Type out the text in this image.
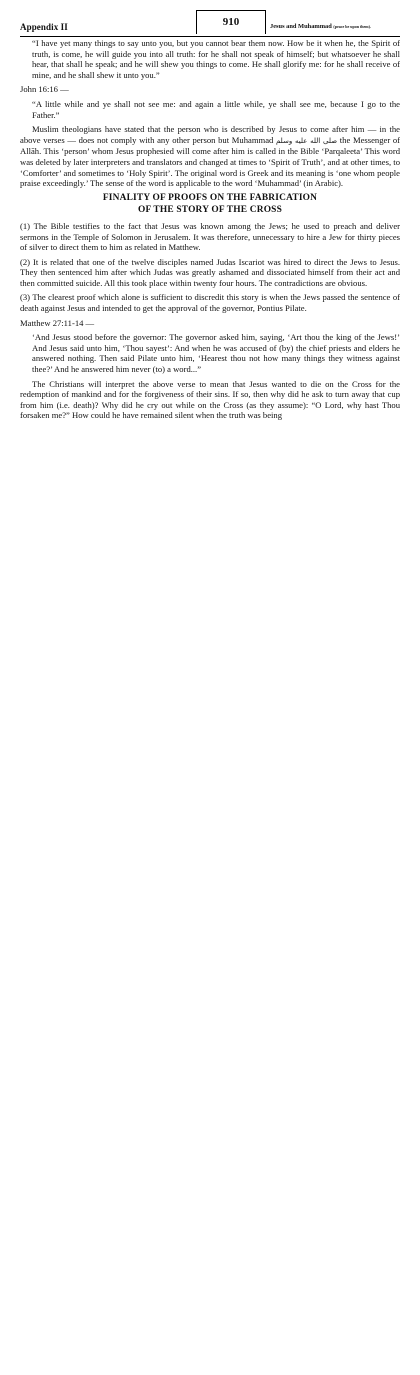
Appendix II	910	Jesus and Muhammad (peace be upon them).

“I have yet many things to say unto you, but you cannot bear them now. How be it when he, the Spirit of truth, is come, he will guide you into all truth: for he shall not speak of himself; but whatsoever he shall hear, that shall he speak; and he will shew you things to come. He shall glorify me: for he shall receive of mine, and he shall shew it unto you.”

John 16:16 —

“A little while and ye shall not see me: and again a little while, ye shall see me, because I go to the Father.”

Muslim theologians have stated that the person who is described by Jesus to come after him — in the above verses — does not comply with any other person but Muhammad صلى الله عليه وسلم the Messenger of Allāh. This ‘person’ whom Jesus prophesied will come after him is called in the Bible ‘Parqaleeta’ This word was deleted by later interpreters and translators and changed at times to ‘Spirit of Truth’, and at other times, to ‘Comforter’ and sometimes to ‘Holy Spirit’. The original word is Greek and its meaning is ‘one whom people praise exceedingly.’ The sense of the word is applicable to the word ‘Muhammad’ (in Arabic).

FINALITY OF PROOFS ON THE FABRICATION

OF THE STORY OF THE CROSS

(1) The Bible testifies to the fact that Jesus was known among the Jews; he used to preach and deliver sermons in the Temple of Solomon in Jerusalem. It was therefore, unnecessary to hire a Jew for thirty pieces of silver to direct them to him as related in Matthew.

(2) It is related that one of the twelve disciples named Judas Iscariot was hired to direct the Jews to Jesus. They then sentenced him after which Judas was greatly ashamed and dissociated himself from their act and then committed suicide. All this took place within twenty four hours. The contradictions are obvious.

(3) The clearest proof which alone is sufficient to discredit this story is when the Jews passed the sentence of death against Jesus and intended to get the approval of the governor, Pontius Pilate.

Matthew 27:11-14 —

‘And Jesus stood before the governor: The governor asked him, saying, ‘Art thou the king of the Jews!’ And Jesus said unto him, ‘Thou sayest’: And when he was accused of (by) the chief priests and elders he answered nothing. Then said Pilate unto him, ‘Hearest thou not how many things they witness against thee?’ And he answered him never (to) a word...”

The Christians will interpret the above verse to mean that Jesus wanted to die on the Cross for the redemption of mankind and for the forgiveness of their sins. If so, then why did he ask to turn away that cup from him (i.e. death)? Why did he cry out while on the Cross (as they assume): “O Lord, why hast Thou forsaken me?” How could he have remained silent when the truth was being
